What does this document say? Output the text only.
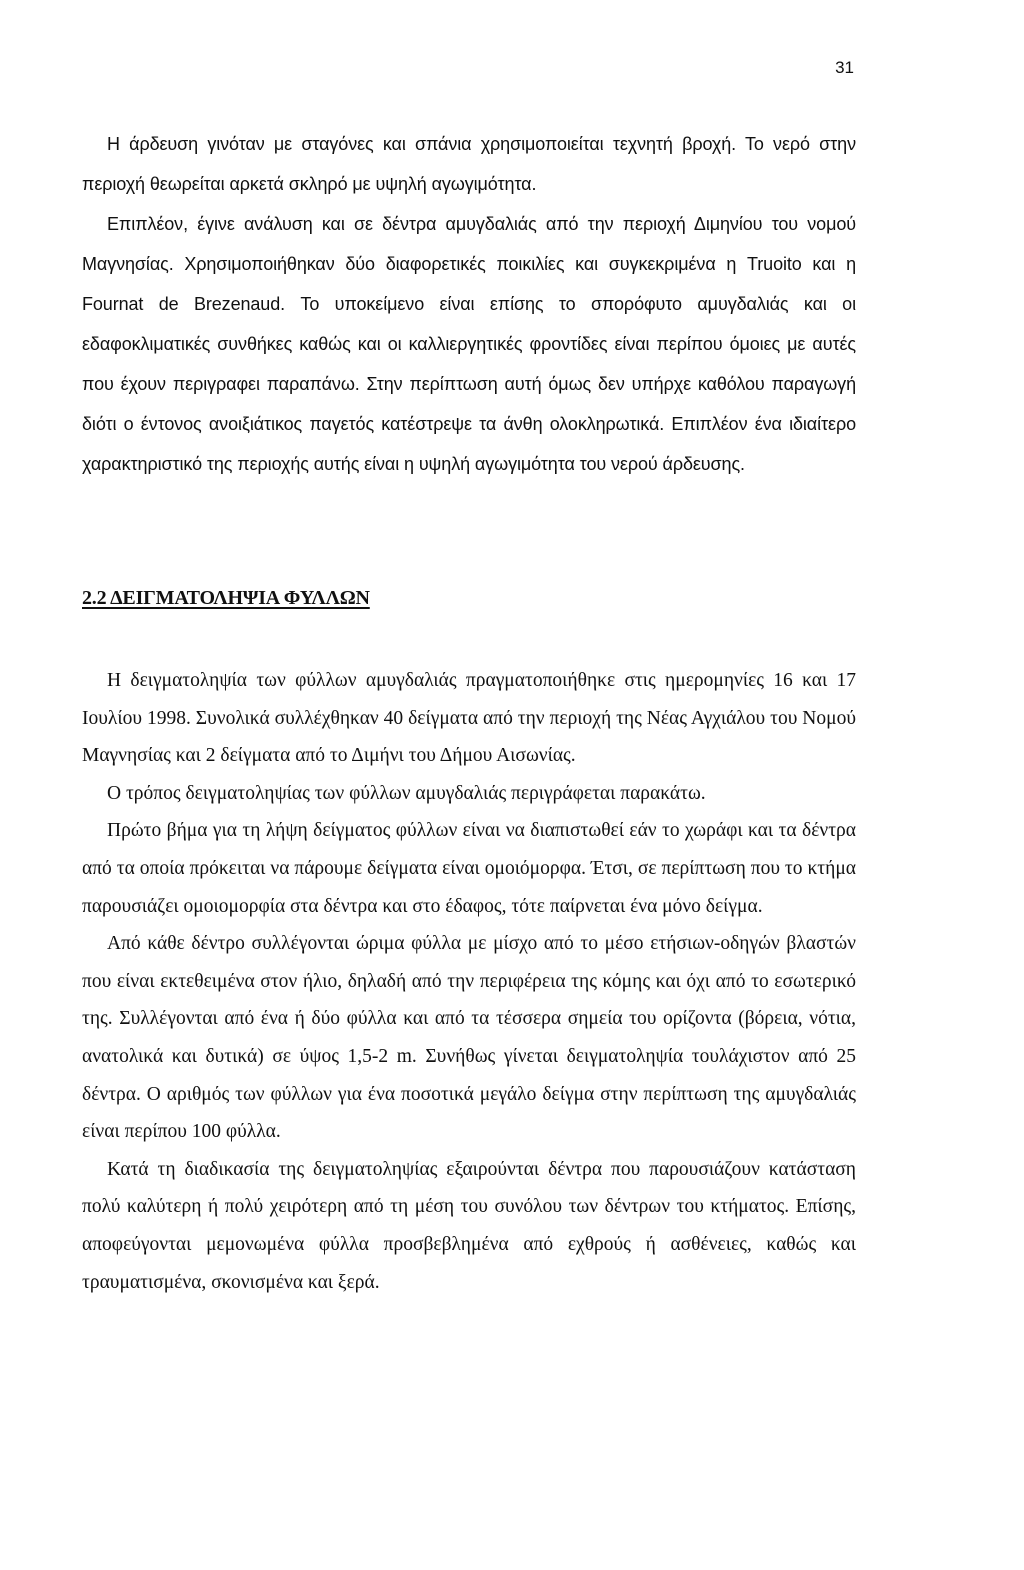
31

Η άρδευση γινόταν με σταγόνες και σπάνια χρησιμοποιείται τεχνητή βροχή. Το νερό στην περιοχή θεωρείται αρκετά σκληρό με υψηλή αγωγιμότητα.

Επιπλέον, έγινε ανάλυση και σε δέντρα αμυγδαλιάς από την περιοχή Διμηνίου του νομού Μαγνησίας. Χρησιμοποιήθηκαν δύο διαφορετικές ποικιλίες και συγκεκριμένα η Truoito και η Fournat de Brezenaud. Το υποκείμενο είναι επίσης το σπορόφυτο αμυγδαλιάς και οι εδαφοκλιματικές συνθήκες καθώς και οι καλλιεργητικές φροντίδες είναι περίπου όμοιες με αυτές που έχουν περιγραφει παραπάνω. Στην περίπτωση αυτή όμως δεν υπήρχε καθόλου παραγωγή διότι ο έντονος ανοιξιάτικος παγετός κατέστρεψε τα άνθη ολοκληρωτικά. Επιπλέον ένα ιδιαίτερο χαρακτηριστικό της περιοχής αυτής είναι η υψηλή αγωγιμότητα του νερού άρδευσης.

2.2 ΔΕΙΓΜΑΤΟΛΗΨΙΑ ΦΥΛΛΩΝ

Η δειγματοληψία των φύλλων αμυγδαλιάς πραγματοποιήθηκε στις ημερομηνίες 16 και 17 Ιουλίου 1998. Συνολικά συλλέχθηκαν 40 δείγματα από την περιοχή της Νέας Αγχιάλου του Νομού Μαγνησίας και 2 δείγματα από το Διμήνι του Δήμου Αισωνίας.

Ο τρόπος δειγματοληψίας των φύλλων αμυγδαλιάς περιγράφεται παρακάτω.

Πρώτο βήμα για τη λήψη δείγματος φύλλων είναι να διαπιστωθεί εάν το χωράφι και τα δέντρα από τα οποία πρόκειται να πάρουμε δείγματα είναι ομοιόμορφα. Έτσι, σε περίπτωση που το κτήμα παρουσιάζει ομοιομορφία στα δέντρα και στο έδαφος, τότε παίρνεται ένα μόνο δείγμα.

Από κάθε δέντρο συλλέγονται ώριμα φύλλα με μίσχο από το μέσο ετήσιων-οδηγών βλαστών που είναι εκτεθειμένα στον ήλιο, δηλαδή από την περιφέρεια της κόμης και όχι από το εσωτερικό της. Συλλέγονται από ένα ή δύο φύλλα και από τα τέσσερα σημεία του ορίζοντα (βόρεια, νότια, ανατολικά και δυτικά) σε ύψος 1,5-2 m. Συνήθως γίνεται δειγματοληψία τουλάχιστον από 25 δέντρα. Ο αριθμός των φύλλων για ένα ποσοτικά μεγάλο δείγμα στην περίπτωση της αμυγδαλιάς είναι περίπου 100 φύλλα.

Κατά τη διαδικασία της δειγματοληψίας εξαιρούνται δέντρα που παρουσιάζουν κατάσταση πολύ καλύτερη ή πολύ χειρότερη από τη μέση του συνόλου των δέντρων του κτήματος. Επίσης, αποφεύγονται μεμονωμένα φύλλα προσβεβλημένα από εχθρούς ή ασθένειες, καθώς και τραυματισμένα, σκονισμένα και ξερά.
